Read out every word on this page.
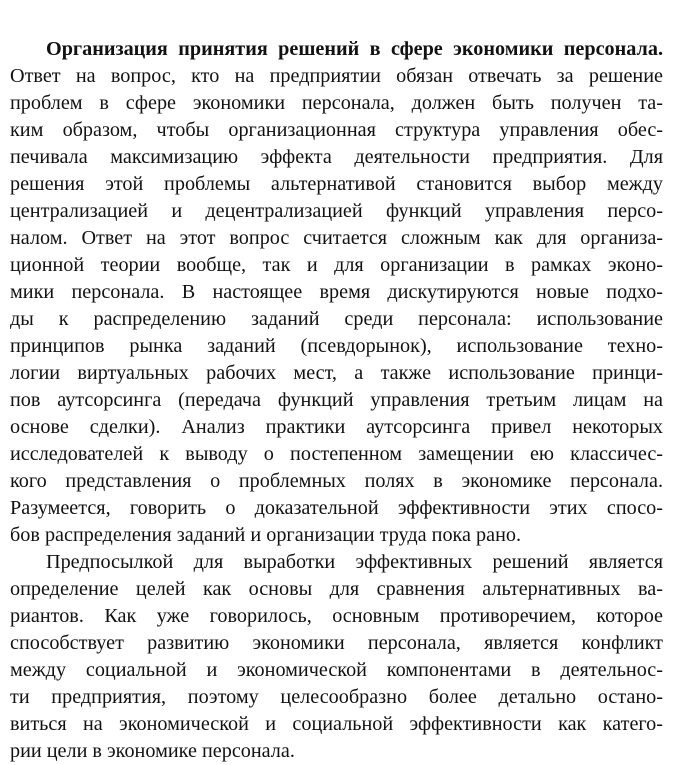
Организация принятия решений в сфере экономики персонала.
Ответ на вопрос, кто на предприятии обязан отвечать за решение
проблем в сфере экономики персонала, должен быть получен та-
ким образом, чтобы организационная структура управления обес-
печивала максимизацию эффекта деятельности предприятия. Для
решения этой проблемы альтернативой становится выбор между
централизацией и децентрализацией функций управления персо-
налом. Ответ на этот вопрос считается сложным как для организа-
ционной теории вообще, так и для организации в рамках эконо-
мики персонала. В настоящее время дискутируются новые подхо-
ды к распределению заданий среди персонала: использование
принципов рынка заданий (псевдорынок), использование техно-
логии виртуальных рабочих мест, а также использование принци-
пов аутсорсинга (передача функций управления третьим лицам на
основе сделки). Анализ практики аутсорсинга привел некоторых
исследователей к выводу о постепенном замещении ею классичес-
кого представления о проблемных полях в экономике персонала.
Разумеется, говорить о доказательной эффективности этих спосо-
бов распределения заданий и организации труда пока рано.
Предпосылкой для выработки эффективных решений является
определение целей как основы для сравнения альтернативных ва-
риантов. Как уже говорилось, основным противоречием, которое
способствует развитию экономики персонала, является конфликт
между социальной и экономической компонентами в деятельнос-
ти предприятия, поэтому целесообразно более детально остано-
виться на экономической и социальной эффективности как катего-
рии цели в экономике персонала.
